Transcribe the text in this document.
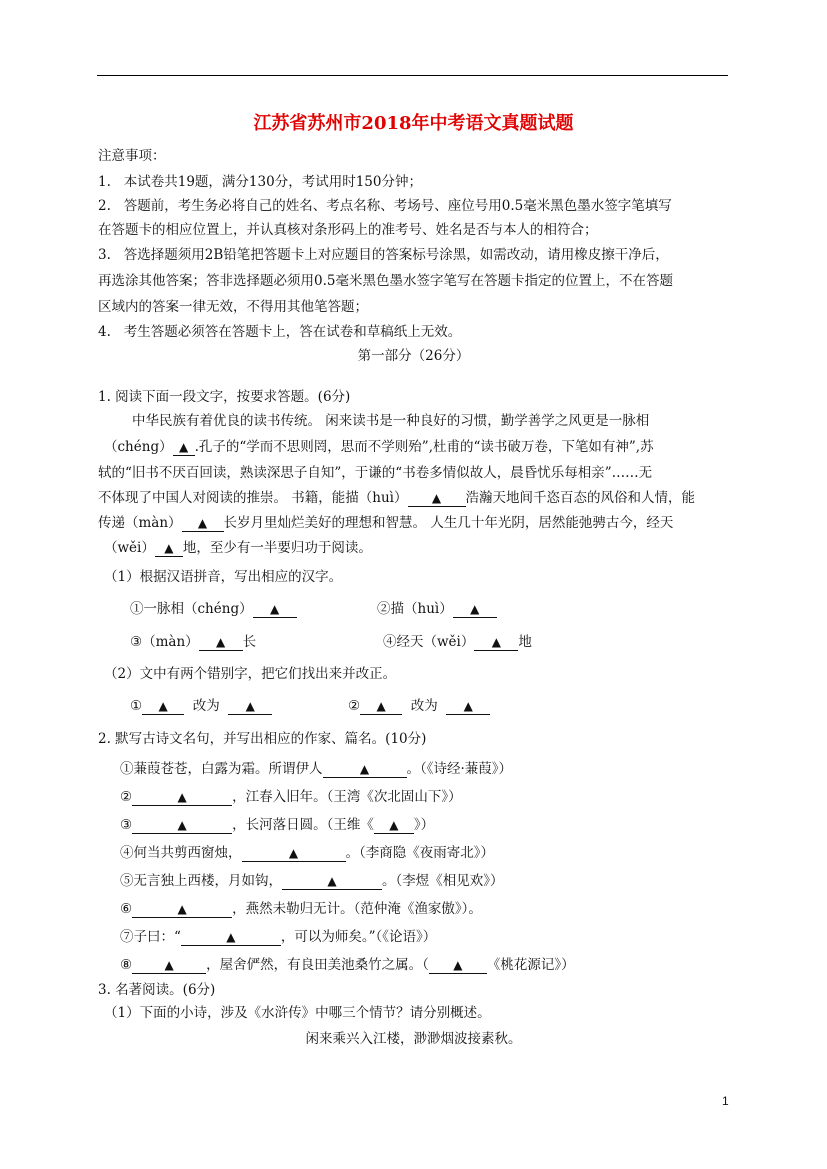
江苏省苏州市2018年中考语文真题试题
注意事项：
1.   本试卷共19题，满分130分，考试用时150分钟；
2.   答题前，考生务必将自己的姓名、考点名称、考场号、座位号用0.5毫米黑色墨水签字笔填写
在答题卡的相应位置上，并认真核对条形码上的准考号、姓名是否与本人的相符合；
3.   答选择题须用2B铅笔把答题卡上对应题目的答案标号涂黑，如需改动，请用橡皮擦干净后，
再选涂其他答案；答非选择题必须用0.5毫米黑色墨水签字笔写在答题卡指定的位置上，不在答题
区域内的答案一律无效，不得用其他笔答题；
4.   考生答题必须答在答题卡上，答在试卷和草稿纸上无效。
第一部分（26分）
1. 阅读下面一段文字，按要求答题。(6分)
中华民族有着优良的读书传统。 闲来读书是一种良好的习惯，勤学善学之风更是一脉相
（chéng） ▲ .孔子的“学而不思则罔，思而不学则殆”,杜甫的“读书破万卷，下笔如有神”,苏
轼的“旧书不厌百回读，熟读深思子自知”，于谦的“书卷多情似故人，晨昏忧乐每相亲”……无
不体现了中国人对阅读的推崇。 书籍，能描（huì） ▲ 浩瀚天地间千恣百态的风俗和人情，能
传递（màn） ▲ 长岁月里灿烂美好的理想和智慧。 人生几十年光阴，居然能弛骋古今，经天
（wěi） ▲ 地，至少有一半要归功于阅读。
（1）根据汉语拼音，写出相应的汉字。
①一脉相（chéng） ▲	②描（huì） ▲
③（màn） ▲ 长	④经天（wěi） ▲ 地
（2）文中有两个错别字，把它们找出来并改正。
① ▲ 改为 ▲	② ▲ 改为 ▲
2. 默写古诗文名句，并写出相应的作家、篇名。(10分)
①蒹葭苍苍，白露为霜。所谓伊人	▲	。（《诗经·蒹葭》）
②	▲	，江春入旧年。（王湾《次北固山下》）
③	▲	，长河落日圆。（王维《 ▲ 》）
④何当共剪西窗烛，	▲	。（李商隐《夜雨寄北》）
⑤无言独上西楼，月如钩，	▲	。（李煜《相见欢》）
⑥	▲	，燕然未勒归无计。（范仲淹《渔家傲》）。
⑦子曰：“	▲	，可以为师矣。”（《论语》）
⑧	▲ ，屋舍俨然，有良田美池桑竹之属。（ ▲ 《桃花源记》）
3. 名著阅读。(6分)
（1）下面的小诗，涉及《水浒传》中哪三个情节？请分别概述。
闲来乘兴入江楼，渺渺烟波接素秋。
1
